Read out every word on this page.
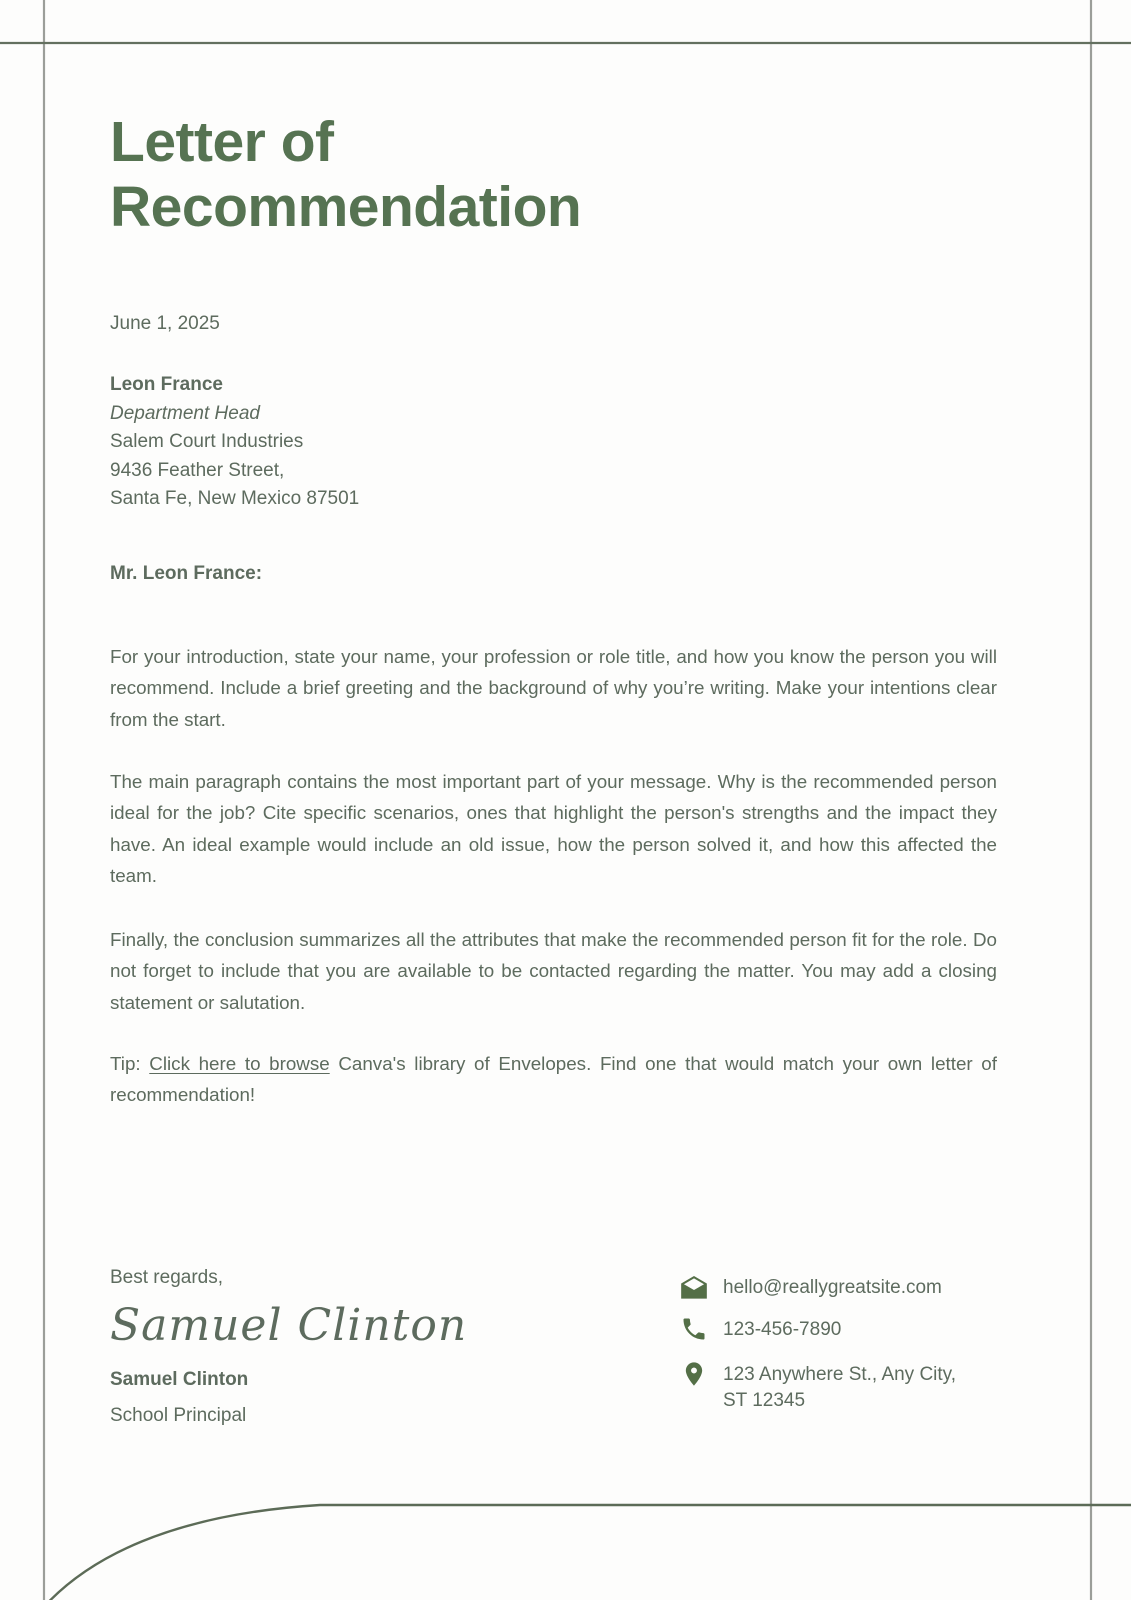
Letter of
Recommendation
June 1, 2025
Leon France
Department Head
Salem Court Industries
9436 Feather Street,
Santa Fe, New Mexico 87501
Mr. Leon France:

For your introduction, state your name, your profession or role title, and how you know the person you will recommend. Include a brief greeting and the background of why you’re writing. Make your intentions clear from the start.

The main paragraph contains the most important part of your message. Why is the recommended person ideal for the job? Cite specific scenarios, ones that highlight the person's strengths and the impact they have. An ideal example would include an old issue, how the person solved it, and how this affected the team.

Finally, the conclusion summarizes all the attributes that make the recommended person fit for the role. Do not forget to include that you are available to be contacted regarding the matter. You may add a closing statement or salutation.

Tip: Click here to browse Canva's library of Envelopes. Find one that would match your own letter of recommendation!

Best regards,
Samuel Clinton
Samuel Clinton
School Principal
hello@reallygreatsite.com
123-456-7890
123 Anywhere St., Any City,
ST 12345
